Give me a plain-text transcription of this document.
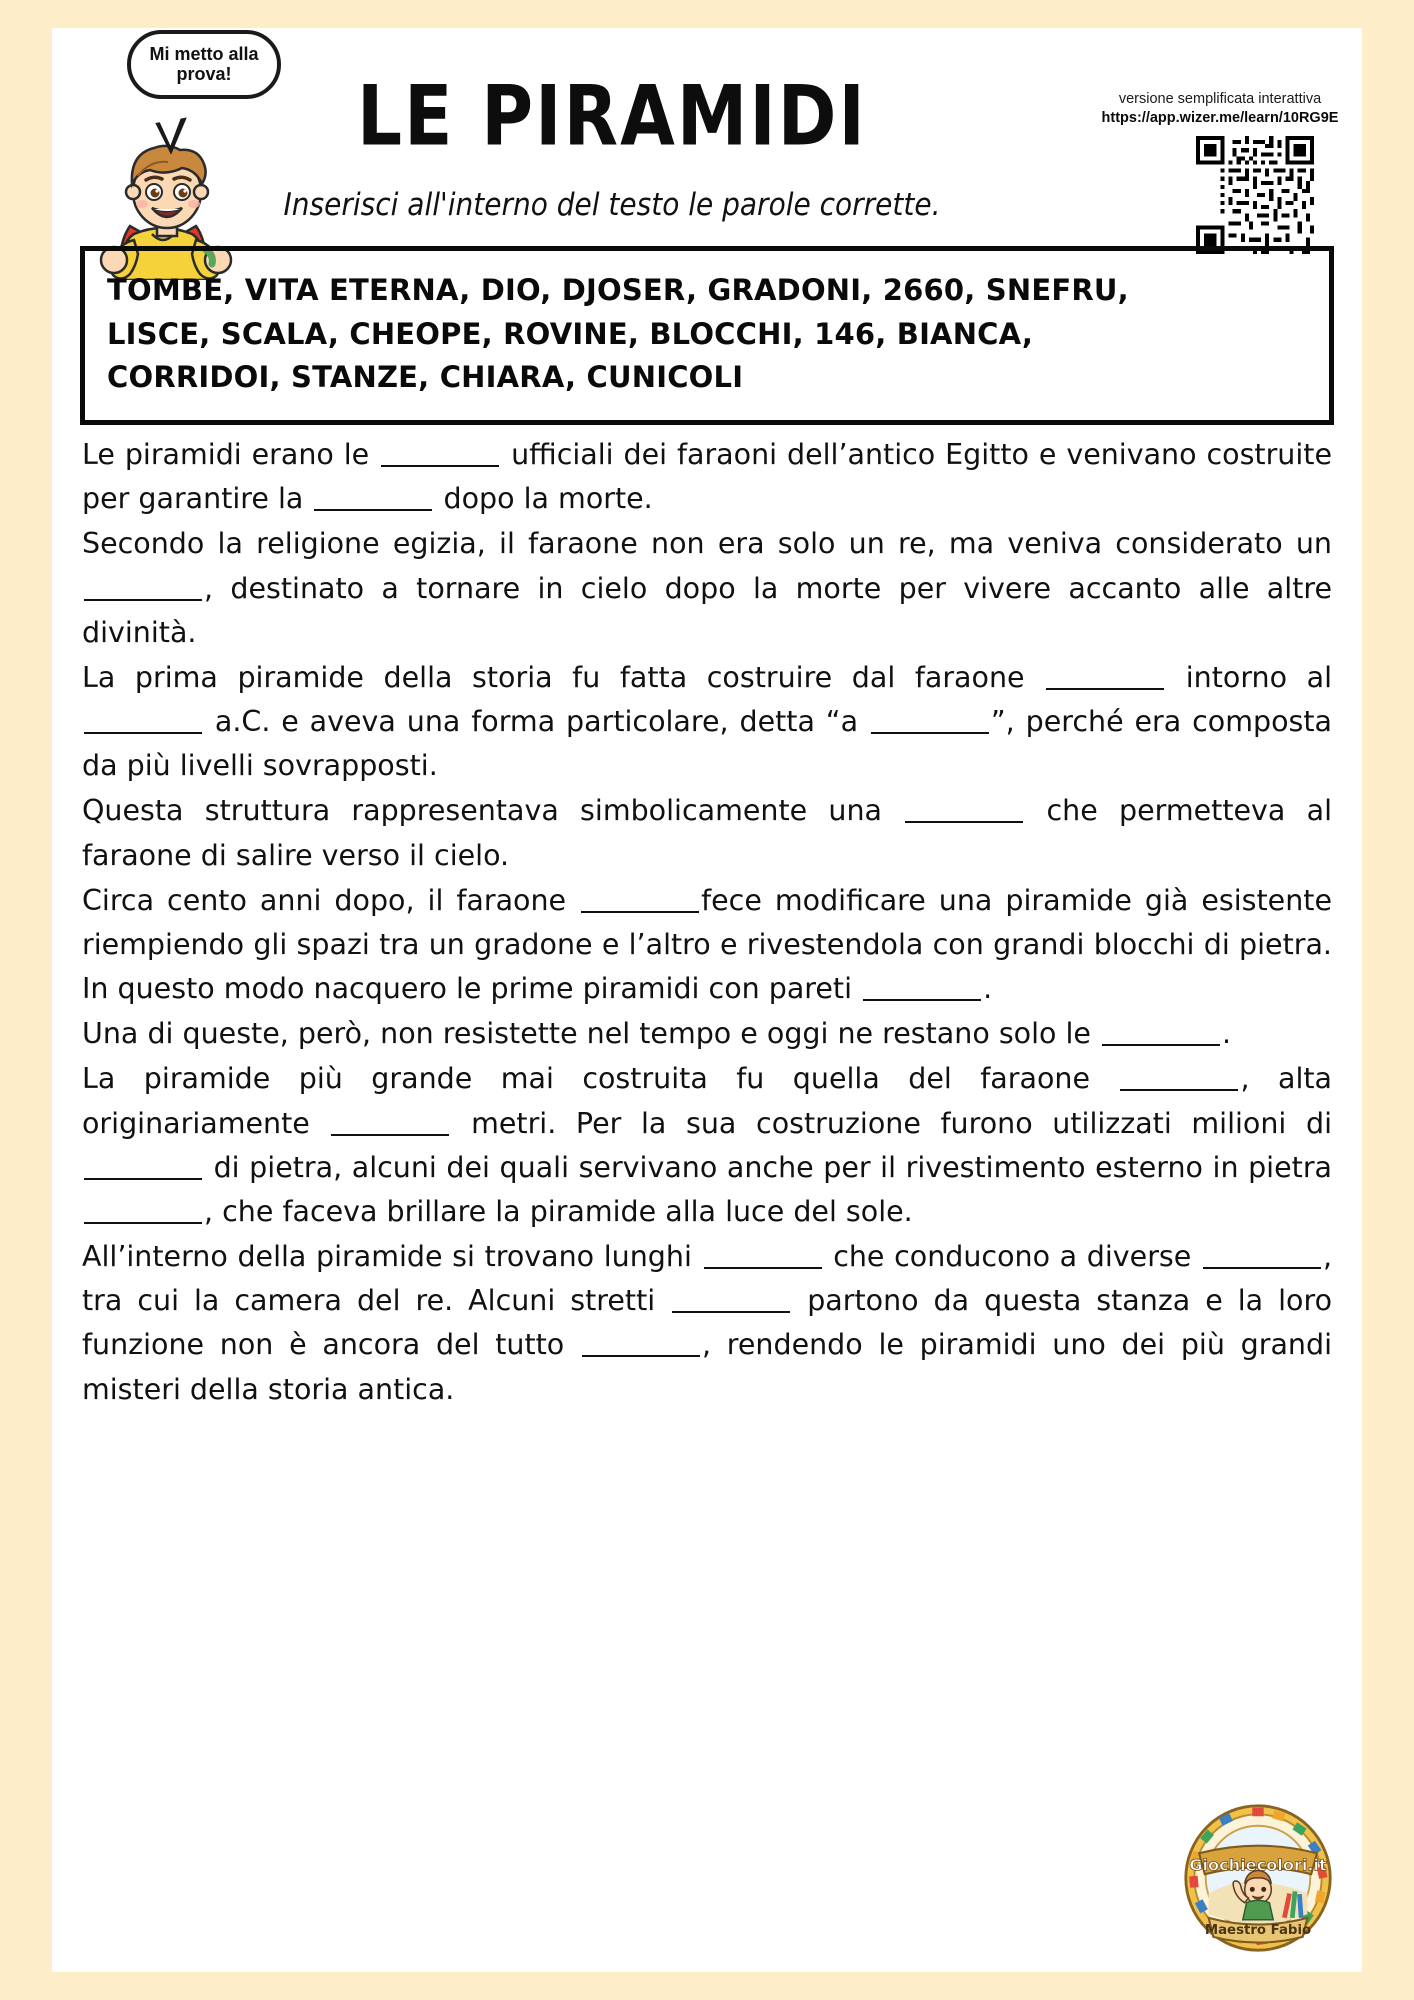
Mi metto alla prova!	LE PIRAMIDI
Inserisci all'interno del testo le parole corrette.
versione semplificata interattiva
https://app.wizer.me/learn/10RG9E
TOMBE, VITA ETERNA, DIO, DJOSER, GRADONI, 2660, SNEFRU,
LISCE, SCALA, CHEOPE, ROVINE, BLOCCHI, 146, BIANCA,
CORRIDOI, STANZE, CHIARA, CUNICOLI

Le piramidi erano le	ufficiali dei faraoni dell’antico Egitto e venivano costruite per garantire la	dopo la morte.

Secondo la religione egizia, il faraone non era solo un re, ma veniva considerato un , destinato a tornare in cielo dopo la morte per vivere accanto alle altre divinità.

La prima piramide della storia fu fatta costruire dal faraone	intorno al  a.C. e aveva una forma particolare, detta “a	”, perché era composta da più livelli sovrapposti.

Questa struttura rappresentava simbolicamente una	che permetteva al faraone di salire verso il cielo.

Circa cento anni dopo, il faraone	fece modificare una piramide già esistente riempiendo gli spazi tra un gradone e l’altro e rivestendola con grandi blocchi di pietra. In questo modo nacquero le prime piramidi con pareti	.

Una di queste, però, non resistette nel tempo e oggi ne restano solo le	.

La piramide più grande mai costruita fu quella del faraone	, alta originariamente	metri. Per la sua costruzione furono utilizzati milioni di  di pietra, alcuni dei quali servivano anche per il rivestimento esterno in pietra , che faceva brillare la piramide alla luce del sole.

All’interno della piramide si trovano lunghi	che conducono a diverse	, tra cui la camera del re. Alcuni stretti	partono da questa stanza e la loro funzione non è ancora del tutto	, rendendo le piramidi uno dei più grandi misteri della storia antica.

Giochiecolori.it
Maestro Fabio
